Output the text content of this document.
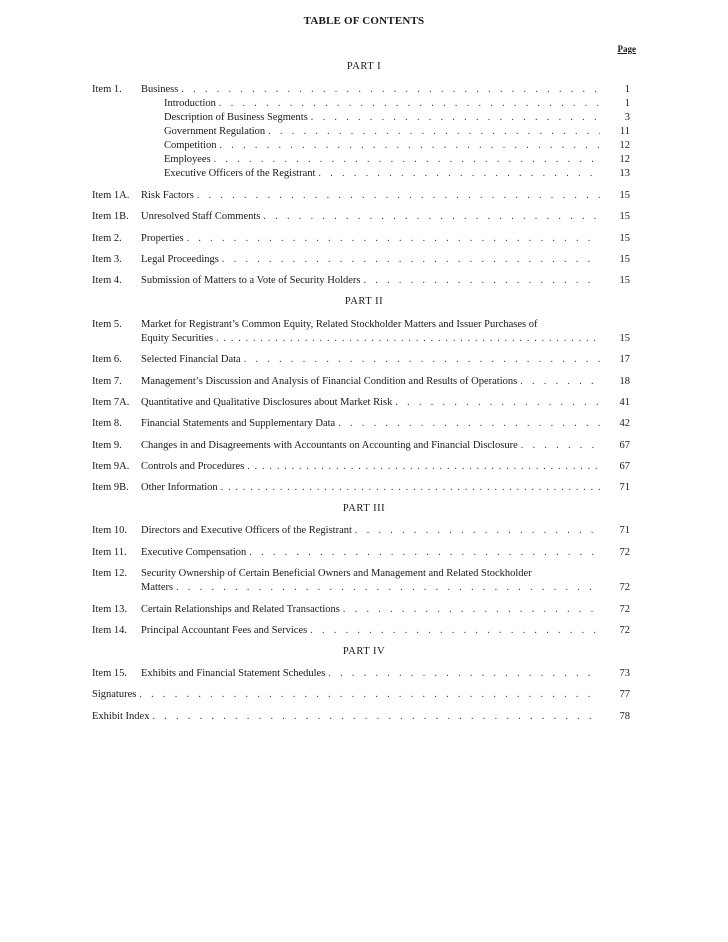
TABLE OF CONTENTS
Page
PART I
Item 1. Business . . .	1
Introduction . . .	1
Description of Business Segments . . .	3
Government Regulation . . .	11
Competition . . .	12
Employees . . .	12
Executive Officers of the Registrant . . .	13
Item 1A. Risk Factors . . .	15
Item 1B. Unresolved Staff Comments . . .	15
Item 2. Properties . . .	15
Item 3. Legal Proceedings . . .	15
Item 4. Submission of Matters to a Vote of Security Holders . . .	15
PART II
Item 5. Market for Registrant’s Common Equity, Related Stockholder Matters and Issuer Purchases of
Equity Securities . . .	15
Item 6. Selected Financial Data . . .	17
Item 7. Management’s Discussion and Analysis of Financial Condition and Results of Operations . . .	18
Item 7A. Quantitative and Qualitative Disclosures about Market Risk . . .	41
Item 8. Financial Statements and Supplementary Data . . .	42
Item 9. Changes in and Disagreements with Accountants on Accounting and Financial Disclosure . . .	67
Item 9A. Controls and Procedures . . .	67
Item 9B. Other Information . . .	71
PART III
Item 10. Directors and Executive Officers of the Registrant . . .	71
Item 11. Executive Compensation . . .	72
Item 12. Security Ownership of Certain Beneficial Owners and Management and Related Stockholder
Matters . . .	72
Item 13. Certain Relationships and Related Transactions . . .	72
Item 14. Principal Accountant Fees and Services . . .	72
PART IV
Item 15. Exhibits and Financial Statement Schedules . . .	73
Signatures . . .	77
Exhibit Index . . .	78
